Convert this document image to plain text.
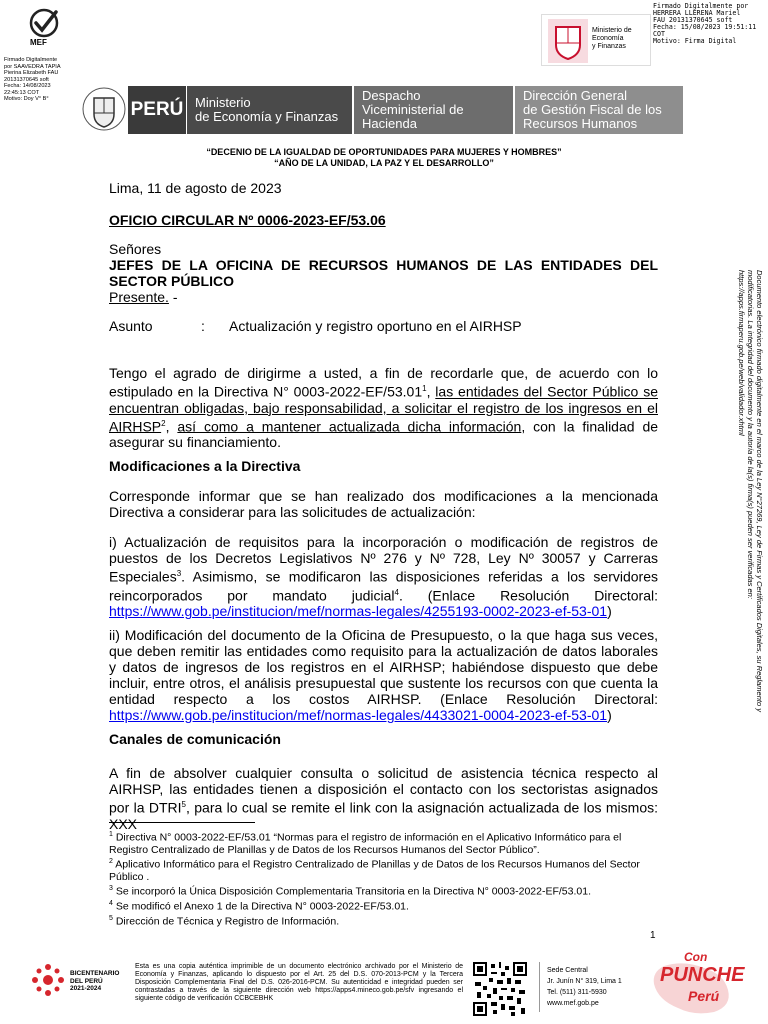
MEF
Firmado Digitalmente
por SAAVEDRA TAPIA
Pierina Elizabeth FAU
20131370645 soft
Fecha: 14/08/2023
22:45:13 COT
Motivo: Doy V° B°
Ministerio de
Economía
y Finanzas
Firmado Digitalmente por
HERRERA LLERENA Mariel
FAU 20131370645 soft
Fecha: 15/08/2023 19:51:11
COT
Motivo: Firma Digital
PERÚ Ministerio
de Economía y Finanzas
Despacho
Viceministerial de
Hacienda
Dirección General
de Gestión Fiscal de los
Recursos Humanos
“DECENIO DE LA IGUALDAD DE OPORTUNIDADES PARA MUJERES Y HOMBRES”
“AÑO DE LA UNIDAD, LA PAZ Y EL DESARROLLO”
Lima, 11 de agosto de 2023
OFICIO CIRCULAR Nº 0006-2023-EF/53.06
Señores
JEFES DE LA OFICINA DE RECURSOS HUMANOS DE LAS ENTIDADES DEL SECTOR PÚBLICO
Presente. -
Asunto	: Actualización y registro oportuno en el AIRHSP
Tengo el agrado de dirigirme a usted, a fin de recordarle que, de acuerdo con lo estipulado en la Directiva N° 0003-2022-EF/53.01$^1$, las entidades del Sector Público se encuentran obligadas, bajo responsabilidad, a solicitar el registro de los ingresos en el AIRHSP$^2$, así como a mantener actualizada dicha información, con la finalidad de asegurar su financiamiento.
Modificaciones a la Directiva
Corresponde informar que se han realizado dos modificaciones a la mencionada Directiva a considerar para las solicitudes de actualización:
i) Actualización de requisitos para la incorporación o modificación de registros de puestos de los Decretos Legislativos Nº 276 y Nº 728, Ley Nº 30057 y Carreras Especiales$^3$. Asimismo, se modificaron las disposiciones referidas a los servidores reincorporados por mandato judicial$^4$. (Enlace Resolución Directoral: https://www.gob.pe/institucion/mef/normas-legales/4255193-0002-2023-ef-53-01)
ii) Modificación del documento de la Oficina de Presupuesto, o la que haga sus veces, que deben remitir las entidades como requisito para la actualización de datos laborales y datos de ingresos de los registros en el AIRHSP; habiéndose dispuesto que debe incluir, entre otros, el análisis presupuestal que sustente los recursos con que cuenta la entidad respecto a los costos AIRHSP. (Enlace Resolución Directoral: https://www.gob.pe/institucion/mef/normas-legales/4433021-0004-2023-ef-53-01)
Canales de comunicación
A fin de absolver cualquier consulta o solicitud de asistencia técnica respecto al AIRHSP, las entidades tienen a disposición el contacto con los sectoristas asignados por la DTRI$^5$, para lo cual se remite el link con la asignación actualizada de los mismos: XXX
$^1$ Directiva N° 0003-2022-EF/53.01 “Normas para el registro de información en el Aplicativo Informático para el Registro Centralizado de Planillas y de Datos de los Recursos Humanos del Sector Público”.
$^2$ Aplicativo Informático para el Registro Centralizado de Planillas y de Datos de los Recursos Humanos del Sector Público .
$^3$ Se incorporó la Única Disposición Complementaria Transitoria en la Directiva N° 0003-2022-EF/53.01.
$^4$ Se modificó el Anexo 1 de la Directiva N° 0003-2022-EF/53.01.
$^5$ Dirección de Técnica y Registro de Información.
1
Documento electrónico firmado digitalmente en el marco de la Ley N°27269, Ley de Firmas y Certificados Digitales, su Reglamento y modificatorias. La integridad del documento y la autoría de la(s) firma(s) pueden ser verificadas en: https://apps.firmaperu.gob.pe/web/validador.xhtml
BICENTENARIO
DEL PERÚ
2021-2024
Esta es una copia auténtica imprimible de un documento electrónico archivado por el Ministerio de Economía y Finanzas, aplicando lo dispuesto por el Art. 25 del D.S. 070-2013-PCM y la Tercera Disposición Complementaria Final del D.S. 026-2016-PCM. Su autenticidad e integridad pueden ser contrastadas a través de la siguiente dirección web https://apps4.mineco.gob.pe/sfv ingresando el siguiente código de verificación CCBCEBHK
Sede Central
Jr. Junín N° 319, Lima 1
Tel. (511) 311-5930
www.mef.gob.pe
Con
PUNCHE
Perú
